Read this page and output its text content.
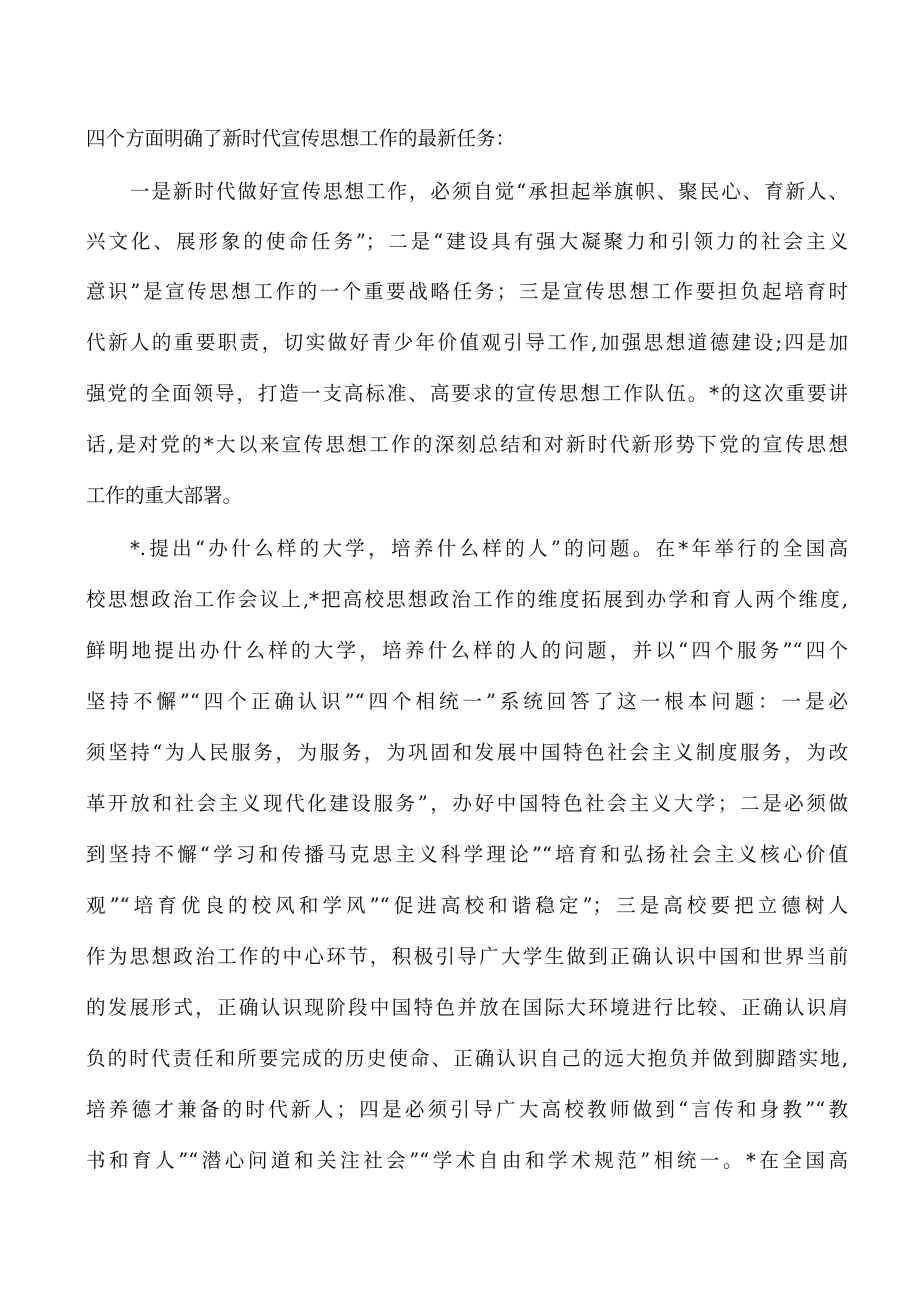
四个方面明确了新时代宣传思想工作的最新任务：
一是新时代做好宣传思想工作，必须自觉“承担起举旗帜、聚民心、育新人、
兴文化、展形象的使命任务”；二是“建设具有强大凝聚力和引领力的社会主义
意识”是宣传思想工作的一个重要战略任务；三是宣传思想工作要担负起培育时
代新人的重要职责，切实做好青少年价值观引导工作,加强思想道德建设;四是加
强党的全面领导，打造一支高标准、高要求的宣传思想工作队伍。*的这次重要讲
话,是对党的*大以来宣传思想工作的深刻总结和对新时代新形势下党的宣传思想
工作的重大部署。
*.提出“办什么样的大学，培养什么样的人”的问题。在*年举行的全国高
校思想政治工作会议上,*把高校思想政治工作的维度拓展到办学和育人两个维度,
鲜明地提出办什么样的大学，培养什么样的人的问题，并以“四个服务”“四个
坚持不懈”“四个正确认识”“四个相统一”系统回答了这一根本问题：一是必
须坚持“为人民服务，为服务，为巩固和发展中国特色社会主义制度服务，为改
革开放和社会主义现代化建设服务”，办好中国特色社会主义大学；二是必须做
到坚持不懈“学习和传播马克思主义科学理论”“培育和弘扬社会主义核心价值
观”“培育优良的校风和学风”“促进高校和谐稳定”；三是高校要把立德树人
作为思想政治工作的中心环节，积极引导广大学生做到正确认识中国和世界当前
的发展形式，正确认识现阶段中国特色并放在国际大环境进行比较、正确认识肩
负的时代责任和所要完成的历史使命、正确认识自己的远大抱负并做到脚踏实地,
培养德才兼备的时代新人；四是必须引导广大高校教师做到“言传和身教”“教
书和育人”“潜心问道和关注社会”“学术自由和学术规范”相统一。*在全国高
